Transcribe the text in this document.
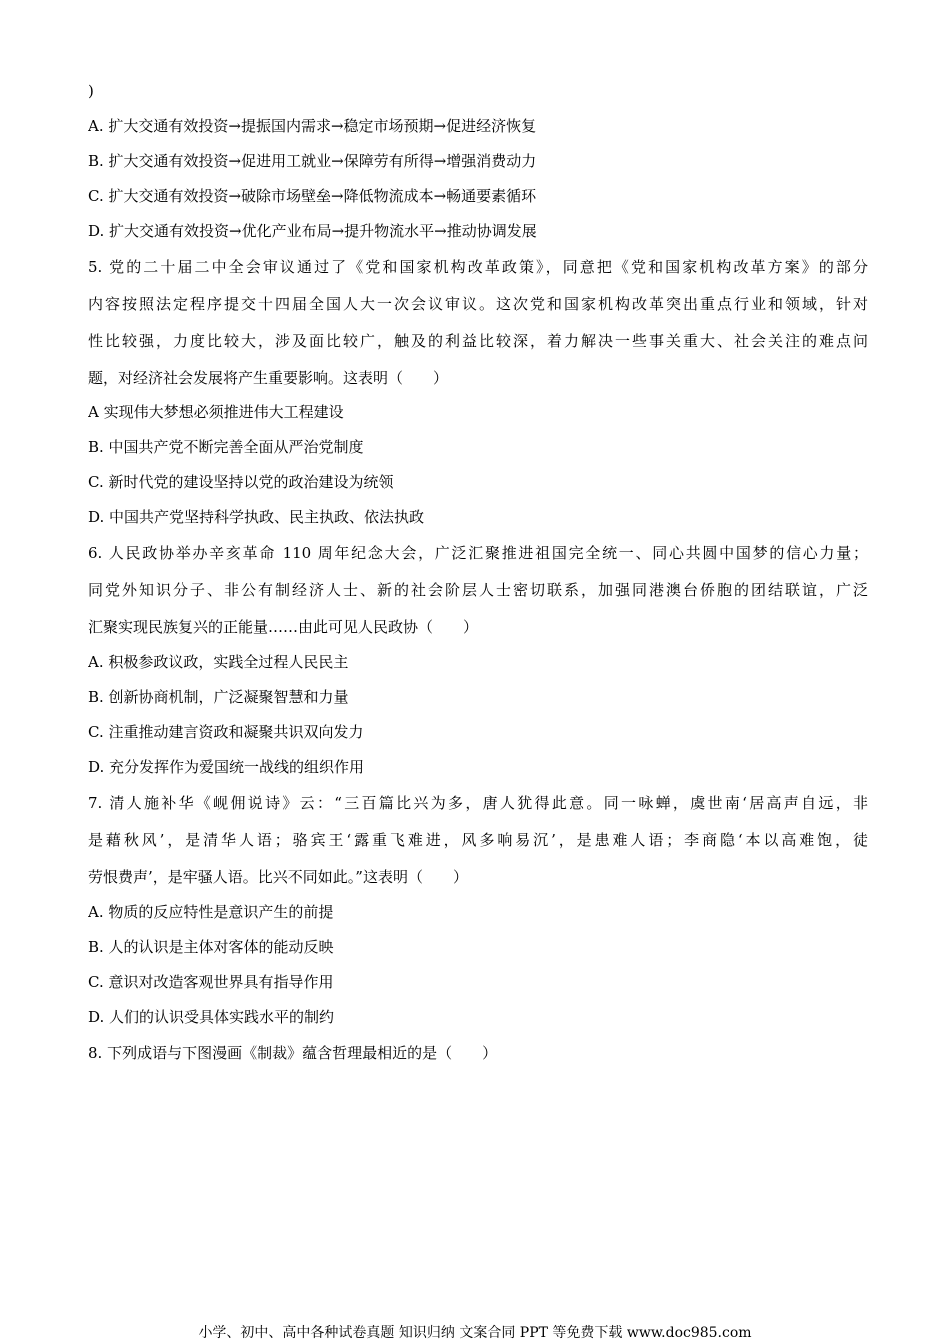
)
A. 扩大交通有效投资→提振国内需求→稳定市场预期→促进经济恢复
B. 扩大交通有效投资→促进用工就业→保障劳有所得→增强消费动力
C. 扩大交通有效投资→破除市场壁垒→降低物流成本→畅通要素循环
D. 扩大交通有效投资→优化产业布局→提升物流水平→推动协调发展
5. 党的二十届二中全会审议通过了《党和国家机构改革政策》，同意把《党和国家机构改革方案》的部分
内容按照法定程序提交十四届全国人大一次会议审议。这次党和国家机构改革突出重点行业和领域，针对
性比较强，力度比较大，涉及面比较广，触及的利益比较深，着力解决一些事关重大、社会关注的难点问
题，对经济社会发展将产生重要影响。这表明（　　）
A 实现伟大梦想必须推进伟大工程建设
B. 中国共产党不断完善全面从严治党制度
C. 新时代党的建设坚持以党的政治建设为统领
D. 中国共产党坚持科学执政、民主执政、依法执政
6. 人民政协举办辛亥革命 110 周年纪念大会，广泛汇聚推进祖国完全统一、同心共圆中国梦的信心力量；
同党外知识分子、非公有制经济人士、新的社会阶层人士密切联系，加强同港澳台侨胞的团结联谊，广泛
汇聚实现民族复兴的正能量……由此可见人民政协（　　）
A. 积极参政议政，实践全过程人民民主
B. 创新协商机制，广泛凝聚智慧和力量
C. 注重推动建言资政和凝聚共识双向发力
D. 充分发挥作为爱国统一战线的组织作用
7. 清人施补华《岘佣说诗》云：“三百篇比兴为多，唐人犹得此意。同一咏蝉，虞世南‘居高声自远，非
是藉秋风’，是清华人语；骆宾王‘露重飞难进，风多响易沉’，是患难人语；李商隐‘本以高难饱，徒
劳恨费声’，是牢骚人语。比兴不同如此。”这表明（　　）
A. 物质的反应特性是意识产生的前提
B. 人的认识是主体对客体的能动反映
C. 意识对改造客观世界具有指导作用
D. 人们的认识受具体实践水平的制约
8. 下列成语与下图漫画《制裁》蕴含哲理最相近的是（　　）
小学、初中、高中各种试卷真题 知识归纳 文案合同 PPT 等免费下载 www.doc985.com
